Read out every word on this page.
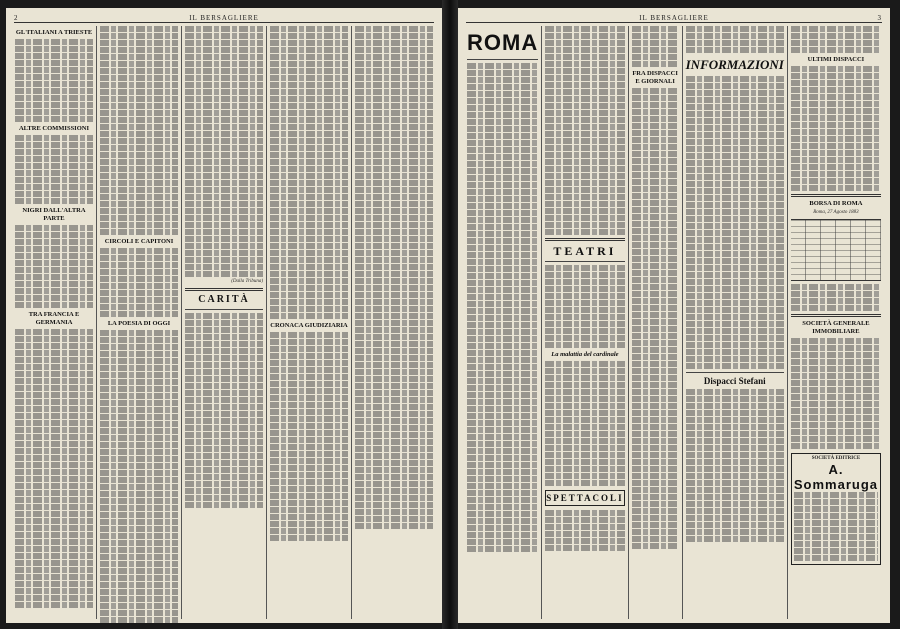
2	IL BERSAGLIERE
GL'ITALIANI A TRIESTE
ALTRE COMMISSIONI
NIGRI DALL'ALTRA PARTE
TRA FRANCIA E GERMANIA
CIRCOLI E CAPITONI
LA POESIA DI OGGI
(Dalla Tribuna)
CARITÀ
CRONACA GIUDIZIARIA
IL BERSAGLIERE	3
ROMA
TEATRI
La malattia del cardinale
SPETTACOLI
FRA DISPACCI E GIORNALI
INFORMAZIONI
Dispacci Stefani
ULTIMI DISPACCI
BORSA DI ROMA
Roma, 27 Agosto 1883
SOCIETÀ GENERALE IMMOBILIARE
SOCIETÀ EDITRICE
A. Sommaruga
